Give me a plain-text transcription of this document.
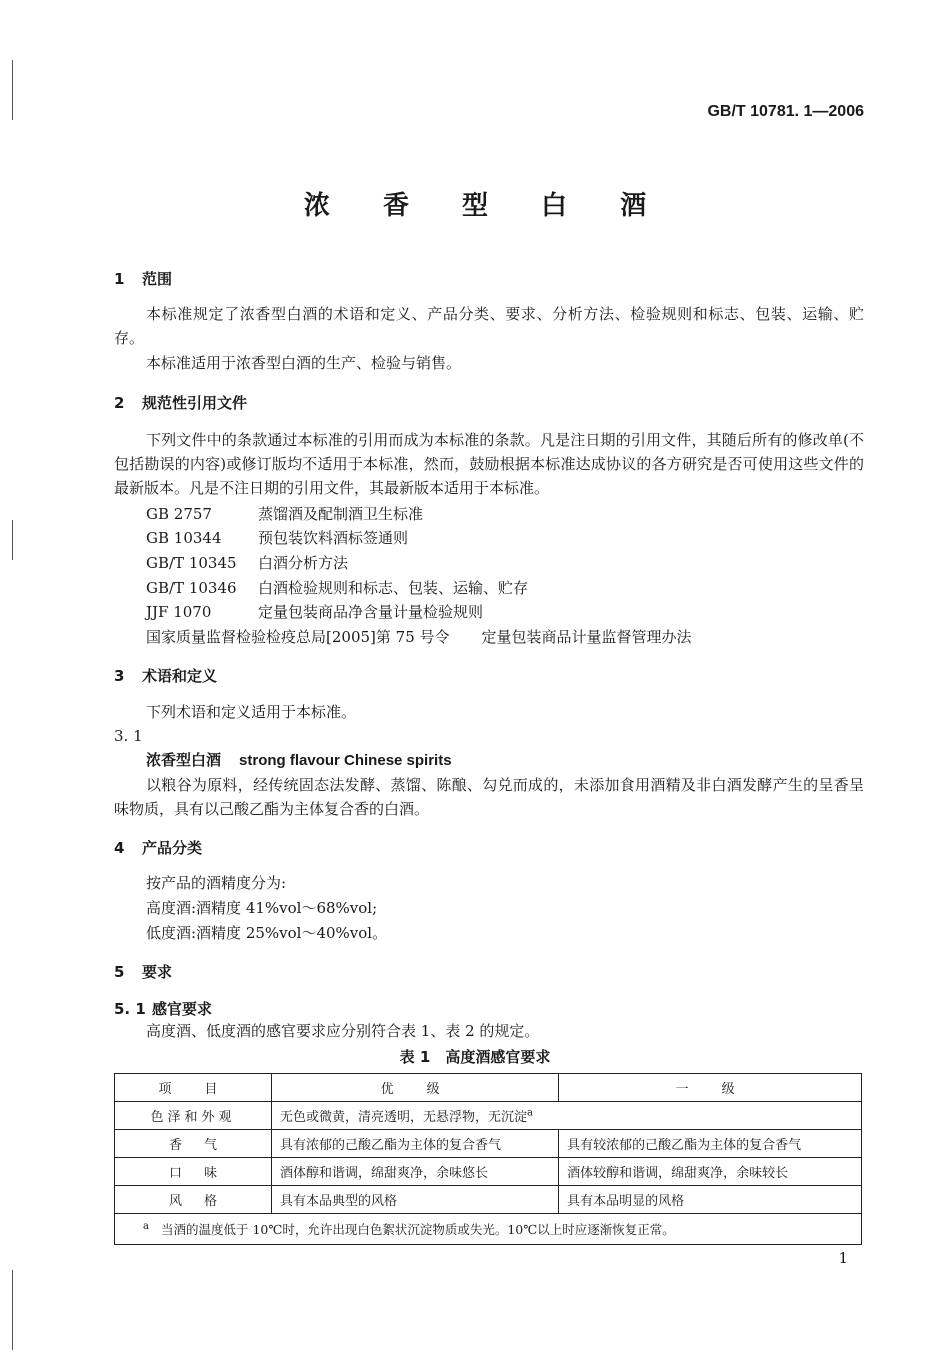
GB/T 10781. 1—2006
浓 香 型 白 酒
1 范围
本标准规定了浓香型白酒的术语和定义、产品分类、要求、分析方法、检验规则和标志、包装、运输、贮存。
本标准适用于浓香型白酒的生产、检验与销售。
2 规范性引用文件
下列文件中的条款通过本标准的引用而成为本标准的条款。凡是注日期的引用文件，其随后所有的修改单(不包括勘误的内容)或修订版均不适用于本标准，然而，鼓励根据本标准达成协议的各方研究是否可使用这些文件的最新版本。凡是不注日期的引用文件，其最新版本适用于本标准。
GB 2757	蒸馏酒及配制酒卫生标准
GB 10344 预包装饮料酒标签通则
GB/T 10345 白酒分析方法
GB/T 10346 白酒检验规则和标志、包装、运输、贮存
JJF 1070	定量包装商品净含量计量检验规则
国家质量监督检验检疫总局[2005]第 75 号令 定量包装商品计量监督管理办法
3 术语和定义
下列术语和定义适用于本标准。
3. 1
浓香型白酒 strong flavour Chinese spirits
以粮谷为原料，经传统固态法发酵、蒸馏、陈酿、勾兑而成的，未添加食用酒精及非白酒发酵产生的呈香呈味物质，具有以己酸乙酯为主体复合香的白酒。
4 产品分类
按产品的酒精度分为:
高度酒:酒精度 41%vol～68%vol;
低度酒:酒精度 25%vol～40%vol。
5 要求
5. 1 感官要求
高度酒、低度酒的感官要求应分别符合表 1、表 2 的规定。
表 1　高度酒感官要求
项　目	优　级	一　级
色泽和外观	无色或微黄，清亮透明，无悬浮物，无沉淀$^a$
香气	具有浓郁的己酸乙酯为主体的复合香气	具有较浓郁的己酸乙酯为主体的复合香气
口味	酒体醇和谐调，绵甜爽净，余味悠长	酒体较醇和谐调，绵甜爽净，余味较长
风格	具有本品典型的风格	具有本品明显的风格
$^a$ 当酒的温度低于 10℃时，允许出现白色絮状沉淀物质或失光。10℃以上时应逐渐恢复正常。		
1
